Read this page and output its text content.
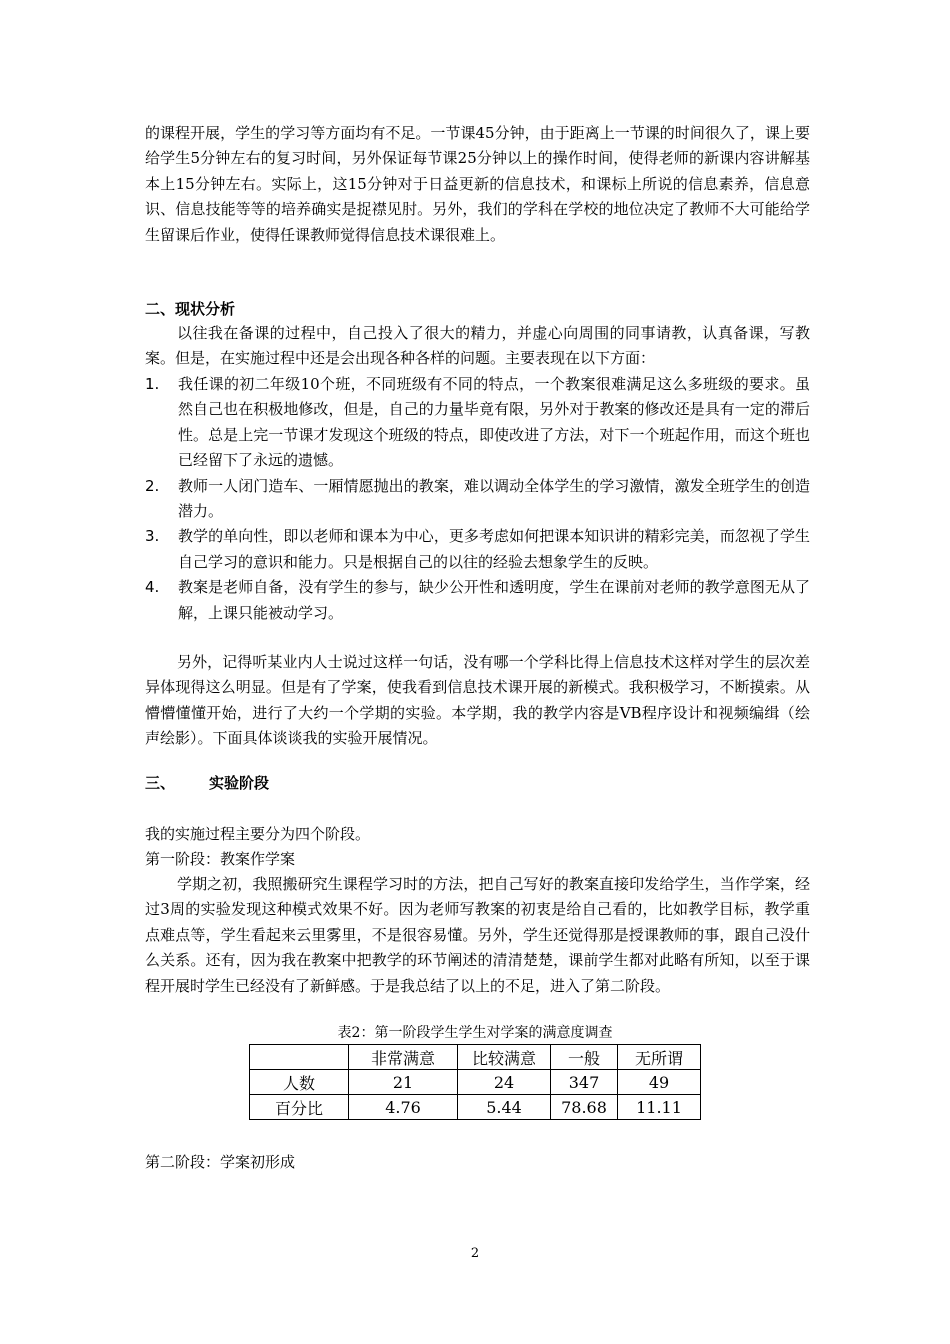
的课程开展，学生的学习等方面均有不足。一节课45分钟，由于距离上一节课的时间很久了，课上要给学生5分钟左右的复习时间，另外保证每节课25分钟以上的操作时间，使得老师的新课内容讲解基本上15分钟左右。实际上，这15分钟对于日益更新的信息技术，和课标上所说的信息素养，信息意识、信息技能等等的培养确实是捉襟见肘。另外，我们的学科在学校的地位决定了教师不大可能给学生留课后作业，使得任课教师觉得信息技术课很难上。

二、现状分析

以往我在备课的过程中，自己投入了很大的精力，并虚心向周围的同事请教，认真备课，写教案。但是，在实施过程中还是会出现各种各样的问题。主要表现在以下方面：

1. 我任课的初二年级10个班，不同班级有不同的特点，一个教案很难满足这么多班级的要求。虽然自己也在积极地修改，但是，自己的力量毕竟有限，另外对于教案的修改还是具有一定的滞后性。总是上完一节课才发现这个班级的特点，即使改进了方法，对下一个班起作用，而这个班也已经留下了永远的遗憾。
2. 教师一人闭门造车、一厢情愿抛出的教案，难以调动全体学生的学习激情，激发全班学生的创造潜力。
3. 教学的单向性，即以老师和课本为中心，更多考虑如何把课本知识讲的精彩完美，而忽视了学生自己学习的意识和能力。只是根据自己的以往的经验去想象学生的反映。
4. 教案是老师自备，没有学生的参与，缺少公开性和透明度，学生在课前对老师的教学意图无从了解，上课只能被动学习。

另外，记得听某业内人士说过这样一句话，没有哪一个学科比得上信息技术这样对学生的层次差异体现得这么明显。但是有了学案，使我看到信息技术课开展的新模式。我积极学习，不断摸索。从懵懵懂懂开始，进行了大约一个学期的实验。本学期，我的教学内容是VB程序设计和视频编缉（绘声绘影）。下面具体谈谈我的实验开展情况。

三、 实验阶段

我的实施过程主要分为四个阶段。

第一阶段：教案作学案

学期之初，我照搬研究生课程学习时的方法，把自己写好的教案直接印发给学生，当作学案，经过3周的实验发现这种模式效果不好。因为老师写教案的初衷是给自己看的，比如教学目标，教学重点难点等，学生看起来云里雾里，不是很容易懂。另外，学生还觉得那是授课教师的事，跟自己没什么关系。还有，因为我在教案中把教学的环节阐述的清清楚楚，课前学生都对此略有所知，以至于课程开展时学生已经没有了新鲜感。于是我总结了以上的不足，进入了第二阶段。

表2：第一阶段学生学生对学案的满意度调查

	非常满意	比较满意	一般	无所谓
人数	21	24	347	49
百分比	4.76	5.44	78.68	11.11

第二阶段：学案初形成

2
